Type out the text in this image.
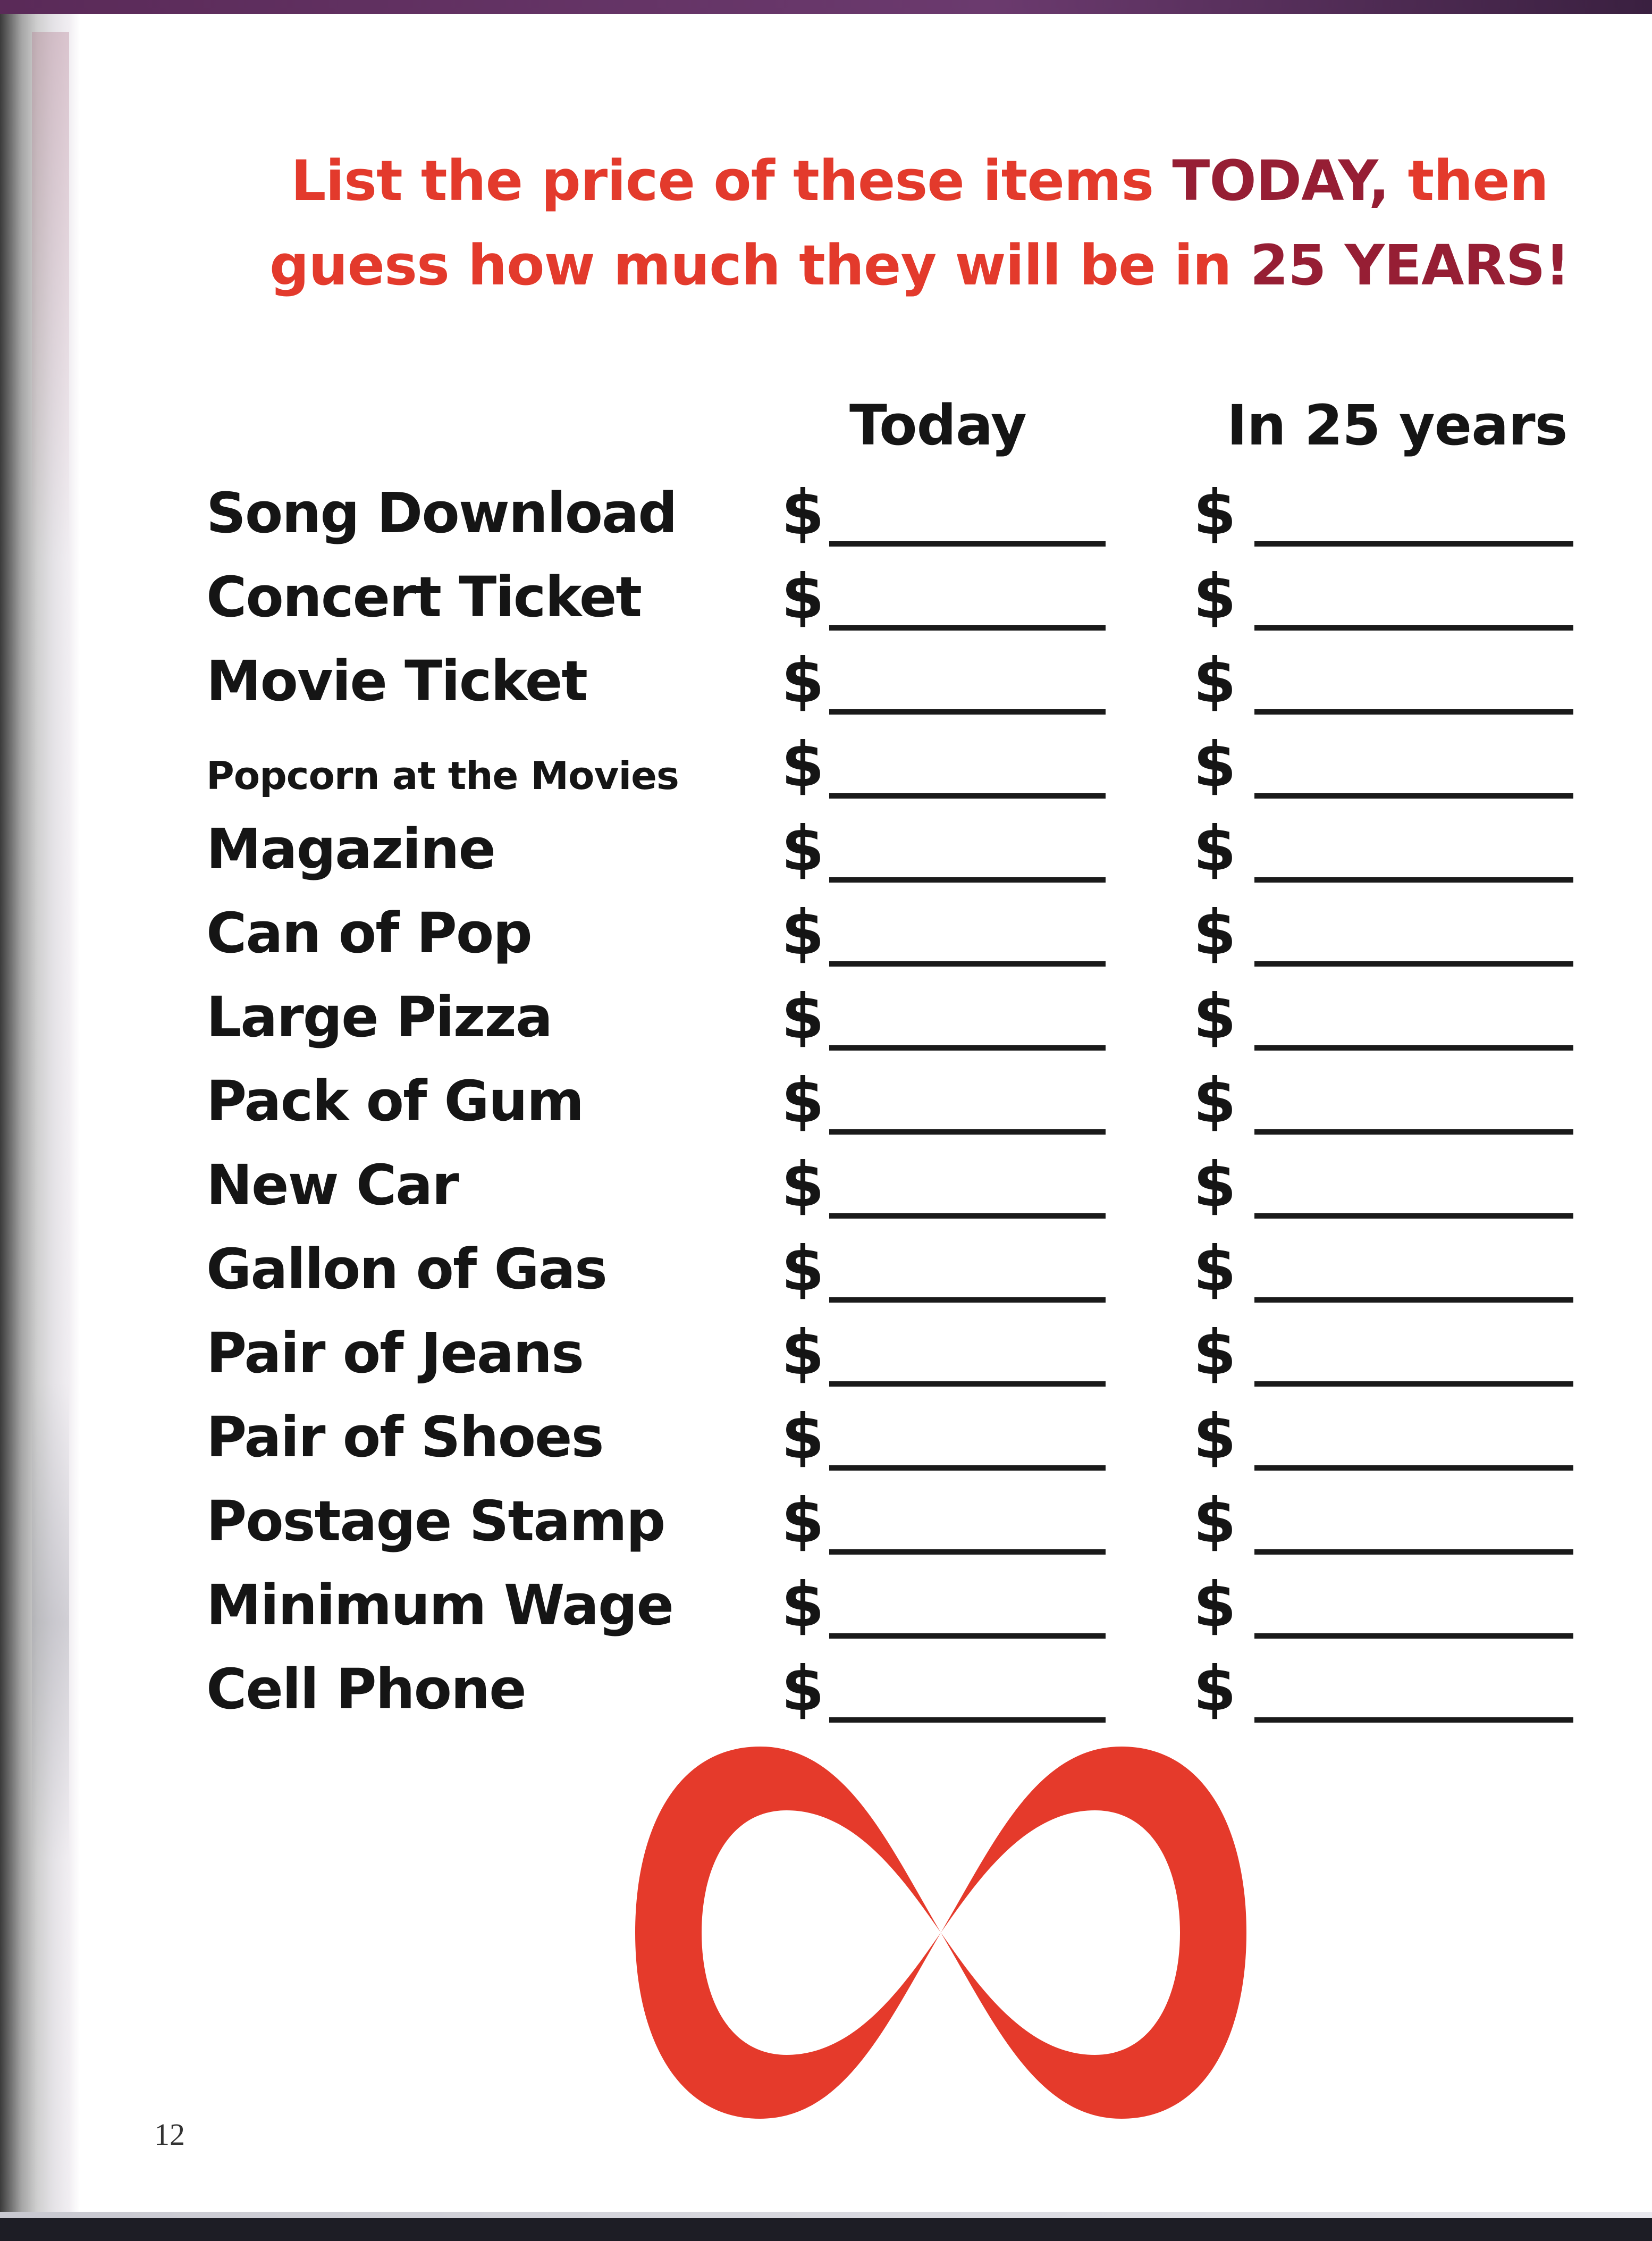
List the price of these items TODAY, then
guess how much they will be in 25 YEARS!
Today	In 25 years
Song Download $	$
Concert Ticket $	$
Movie Ticket	$	$
Popcorn at the Movies $	$
Magazine	$	$
Can of Pop	$	$
Large Pizza	$	$
Pack of Gum	$	$
New Car	$	$
Gallon of Gas	$	$
Pair of Jeans	$	$
Pair of Shoes	$	$
Postage Stamp $	$
Minimum Wage $	$
Cell Phone	$	$
12
